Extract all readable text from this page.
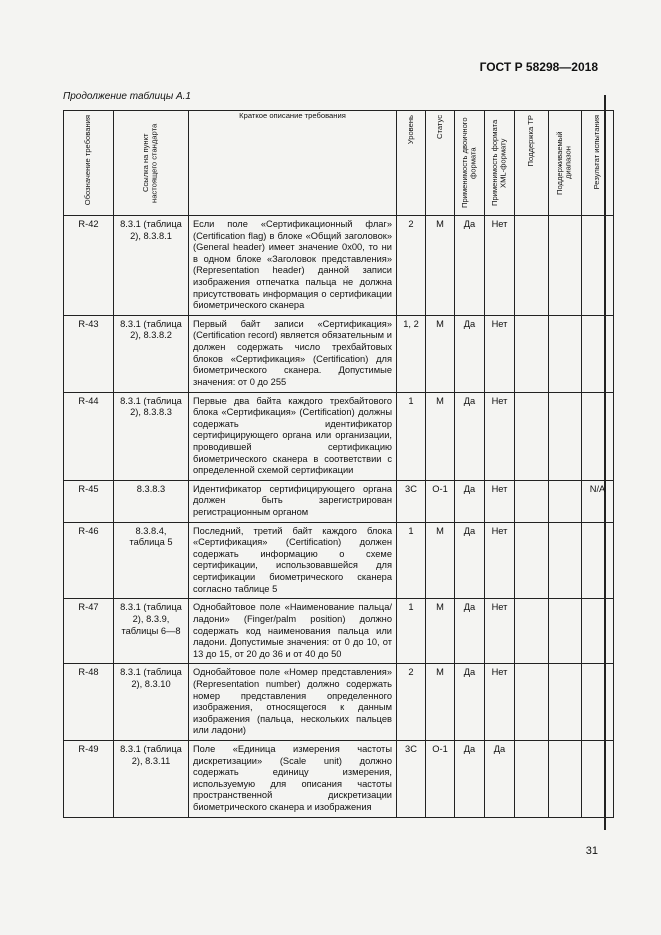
ГОСТ Р 58298—2018
Продолжение таблицы А.1
Обозначение требования	Ссылка на пункт настоящего стандарта	Краткое описание требования	Уровень	Статус	Применимость двоичного формата	Применимость формата XML-формату	Поддержка ТР	Поддерживаемый диапазон	Результат испытания

R-42	8.3.1 (таблица 2), 8.3.8.1	Если поле «Сертификационный флаг» (Certification flag) в блоке «Общий заголовок» (General header) имеет значение 0x00, то ни в одном блоке «Заголовок представления» (Representation header) данной записи изображения отпечатка пальца не должна присутствовать информация о сертификации биометрического сканера	2	М	Да	Нет			
R-43	8.3.1 (таблица 2), 8.3.8.2	Первый байт записи «Сертификация» (Certification record) является обязательным и должен содержать число трехбайтовых блоков «Сертификация» (Certification) для биометрического сканера. Допустимые значения: от 0 до 255	1, 2	М	Да	Нет			
R-44	8.3.1 (таблица 2), 8.3.8.3	Первые два байта каждого трехбайтового блока «Сертификация» (Certification) должны содержать идентификатор сертифицирующего органа или организации, проводившей сертификацию биометрического сканера в соответствии с определенной схемой сертификации	1	М	Да	Нет			
R-45	8.3.8.3	Идентификатор сертифицирующего органа должен быть зарегистрирован регистрационным органом	3С	О-1	Да	Нет			N/A
R-46	8.3.8.4, таблица 5	Последний, третий байт каждого блока «Сертификация» (Certification) должен содержать информацию о схеме сертификации, использовавшейся для сертификации биометрического сканера согласно таблице 5	1	М	Да	Нет			
R-47	8.3.1 (таблица 2), 8.3.9, таблицы 6—8	Однобайтовое поле «Наименование пальца/ладони» (Finger/palm position) должно содержать код наименования пальца или ладони. Допустимые значения: от 0 до 10, от 13 до 15, от 20 до 36 и от 40 до 50	1	М	Да	Нет			
R-48	8.3.1 (таблица 2), 8.3.10	Однобайтовое поле «Номер представления» (Representation number) должно содержать номер представления определенного изображения, относящегося к данным изображения (пальца, нескольких пальцев или ладони)	2	М	Да	Нет			
R-49	8.3.1 (таблица 2), 8.3.11	Поле «Единица измерения частоты дискретизации» (Scale unit) должно содержать единицу измерения, используемую для описания частоты пространственной дискретизации биометрического сканера и изображения	3С	О-1	Да	Да			
31
